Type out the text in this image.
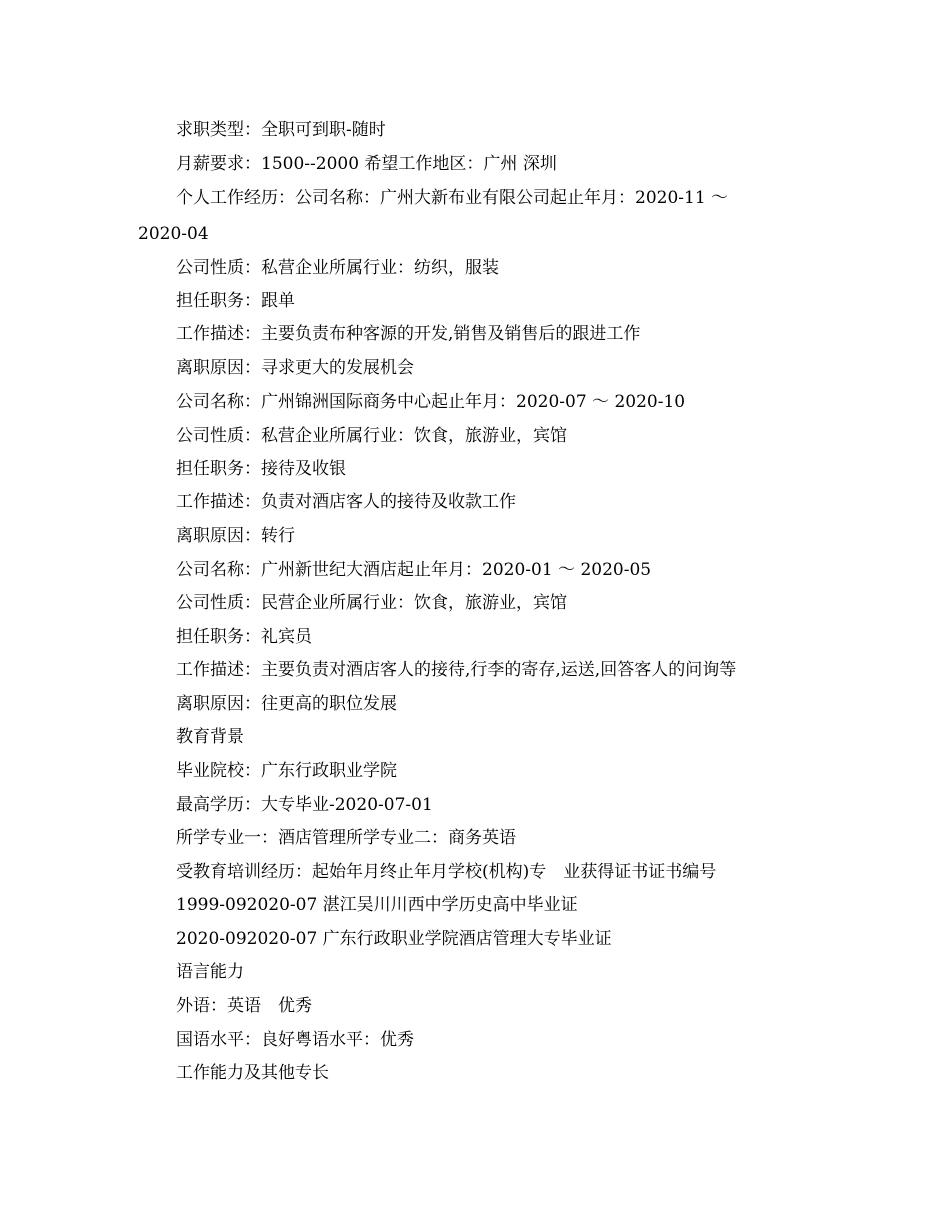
求职类型：全职可到职-随时
月薪要求：1500--2000 希望工作地区：广州 深圳
个人工作经历：公司名称：广州大新布业有限公司起止年月：2020-11 ～
2020-04
公司性质：私营企业所属行业：纺织，服装
担任职务：跟单
工作描述：主要负责布种客源的开发,销售及销售后的跟进工作
离职原因：寻求更大的发展机会
公司名称：广州锦洲国际商务中心起止年月：2020-07 ～ 2020-10
公司性质：私营企业所属行业：饮食，旅游业，宾馆
担任职务：接待及收银
工作描述：负责对酒店客人的接待及收款工作
离职原因：转行
公司名称：广州新世纪大酒店起止年月：2020-01 ～ 2020-05
公司性质：民营企业所属行业：饮食，旅游业，宾馆
担任职务：礼宾员
工作描述：主要负责对酒店客人的接待,行李的寄存,运送,回答客人的问询等
离职原因：往更高的职位发展
教育背景
毕业院校：广东行政职业学院
最高学历：大专毕业-2020-07-01
所学专业一：酒店管理所学专业二：商务英语
受教育培训经历：起始年月终止年月学校(机构)专　业获得证书证书编号
1999-092020-07 湛江吴川川西中学历史高中毕业证
2020-092020-07 广东行政职业学院酒店管理大专毕业证
语言能力
外语：英语　优秀
国语水平：良好粤语水平：优秀
工作能力及其他专长
